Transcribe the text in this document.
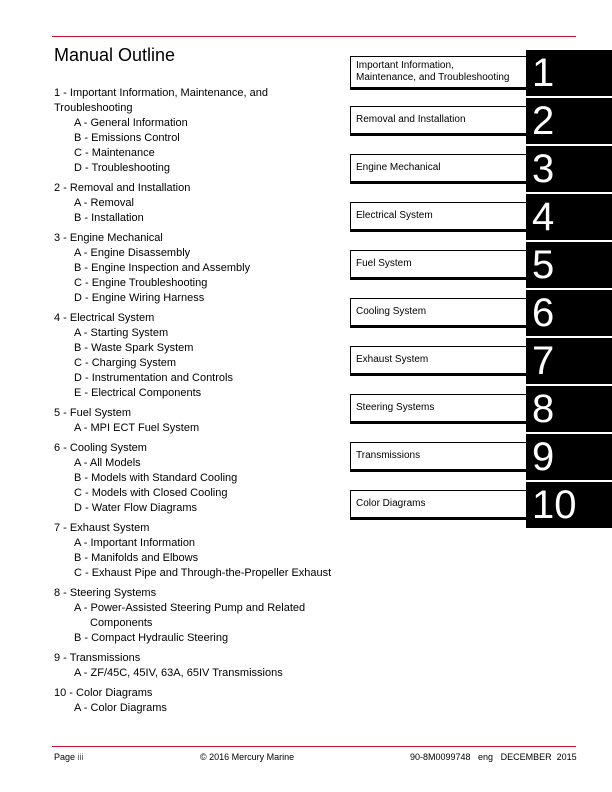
Manual Outline
1 - Important Information, Maintenance, and Troubleshooting
A - General Information
B - Emissions Control
C - Maintenance
D - Troubleshooting
2 - Removal and Installation
A - Removal
B - Installation
3 - Engine Mechanical
A - Engine Disassembly
B - Engine Inspection and Assembly
C - Engine Troubleshooting
D - Engine Wiring Harness
4 - Electrical System
A - Starting System
B - Waste Spark System
C - Charging System
D - Instrumentation and Controls
E - Electrical Components
5 - Fuel System
A - MPI ECT Fuel System
6 - Cooling System
A - All Models
B - Models with Standard Cooling
C - Models with Closed Cooling
D - Water Flow Diagrams
7 - Exhaust System
A - Important Information
B - Manifolds and Elbows
C - Exhaust Pipe and Through-the-Propeller Exhaust
8 - Steering Systems
A - Power-Assisted Steering Pump and Related
Components
B - Compact Hydraulic Steering
9 - Transmissions
A - ZF/45C, 45IV, 63A, 65IV Transmissions
10 - Color Diagrams
A - Color Diagrams
Important Information,
Maintenance, and Troubleshooting 1
Removal and Installation 2
Engine Mechanical 3
Electrical System 4
Fuel System	5
Cooling System	6
Exhaust System	7
Steering Systems 8
Transmissions	9
Color Diagrams	10
Page iii	© 2016 Mercury Marine	90-8M0099748   eng   DECEMBER  2015
